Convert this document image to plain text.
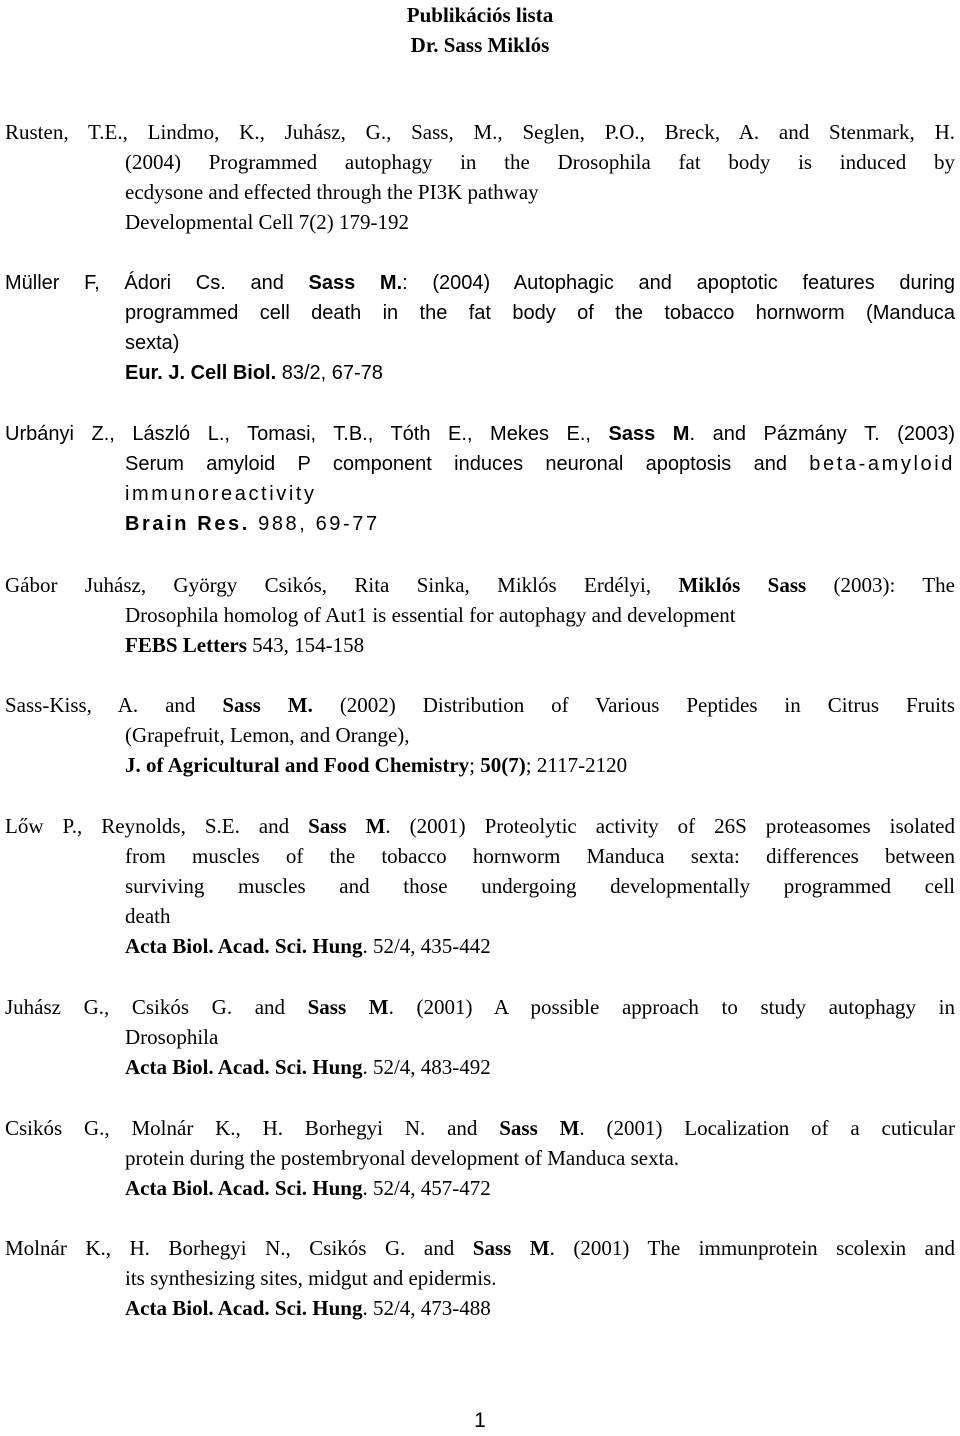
Publikációs lista
Dr. Sass Miklós
Rusten, T.E., Lindmo, K., Juhász, G., Sass, M., Seglen, P.O., Breck, A. and Stenmark, H.
(2004) Programmed autophagy in the Drosophila fat body is induced by
ecdysone and effected through the PI3K pathway
Developmental Cell 7(2) 179-192
Müller F, Ádori Cs. and Sass M.: (2004) Autophagic and apoptotic features during
programmed cell death in the fat body of the tobacco hornworm (Manduca
sexta)
Eur. J. Cell Biol. 83/2, 67-78
Urbányi Z., László L., Tomasi, T.B., Tóth E., Mekes E., Sass M. and Pázmány T. (2003)
Serum amyloid P component induces neuronal apoptosis and beta-amyloid
immunoreactivity
Brain Res. 988, 69-77
Gábor Juhász, György Csikós, Rita Sinka, Miklós Erdélyi, Miklós Sass (2003): The
Drosophila homolog of Aut1 is essential for autophagy and development
FEBS Letters 543, 154-158
Sass-Kiss, A. and Sass M. (2002) Distribution of Various Peptides in Citrus Fruits
(Grapefruit, Lemon, and Orange),
J. of Agricultural and Food Chemistry; 50(7); 2117-2120
Lőw P., Reynolds, S.E. and Sass M. (2001) Proteolytic activity of 26S proteasomes isolated
from muscles of the tobacco hornworm Manduca sexta: differences between
surviving muscles and those undergoing developmentally programmed cell
death
Acta Biol. Acad. Sci. Hung. 52/4, 435-442
Juhász G., Csikós G. and Sass M. (2001) A possible approach to study autophagy in
Drosophila
Acta Biol. Acad. Sci. Hung. 52/4, 483-492
Csikós G., Molnár K., H. Borhegyi N. and Sass M. (2001) Localization of a cuticular
protein during the postembryonal development of Manduca sexta.
Acta Biol. Acad. Sci. Hung. 52/4, 457-472
Molnár K., H. Borhegyi N., Csikós G. and Sass M. (2001) The immunprotein scolexin and
its synthesizing sites, midgut and epidermis.
Acta Biol. Acad. Sci. Hung. 52/4, 473-488
1
